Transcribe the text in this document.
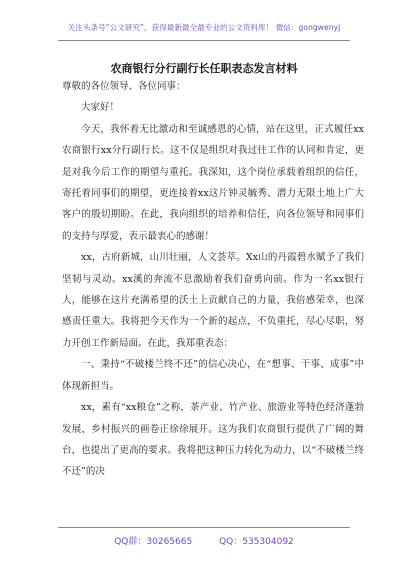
关注头条号“公文研究”，获得最新最全最专业的公文资料库！ 微信：gongwenyj
农商银行分行副行长任职表态发言材料

尊敬的各位领导、各位同事：

大家好！

今天，我怀着无比激动和至诚感恩的心情，站在这里，正式履任xx农商银行xx分行副行长。这不仅是组织对我过往工作的认同和肯定，更是对我今后工作的期望与重托。我深知，这个岗位承载着组织的信任，寄托着同事们的期望，更连接着xx这片钟灵毓秀、潜力无限土地上广大客户的殷切期盼。在此，我向组织的培养和信任，向各位领导和同事们的支持与厚爱，表示最衷心的感谢！

xx，古府新城，山川壮丽，人文荟萃。Xx山的丹霞碧水赋予了我们坚韧与灵动。xx溪的奔流不息激励着我们奋勇向前。作为一名xx银行人，能够在这片充满希望的沃土上贡献自己的力量，我倍感荣幸，也深感责任重大。我将把今天作为一个新的起点，不负重托，尽心尽职，努力开创工作新局面。在此，我郑重表态：

一、秉持“不破楼兰终不还”的信心决心，在“想事、干事、成事”中体现新担当。

xx，素有“xx粮仓”之称，茶产业、竹产业、旅游业等特色经济蓬勃发展，乡村振兴的画卷正徐徐展开。这为我们农商银行提供了广阔的舞台，也提出了更高的要求。我将把这种压力转化为动力，以“不破楼兰终不还”的决

QQ群：30265665	QQ：535304092
